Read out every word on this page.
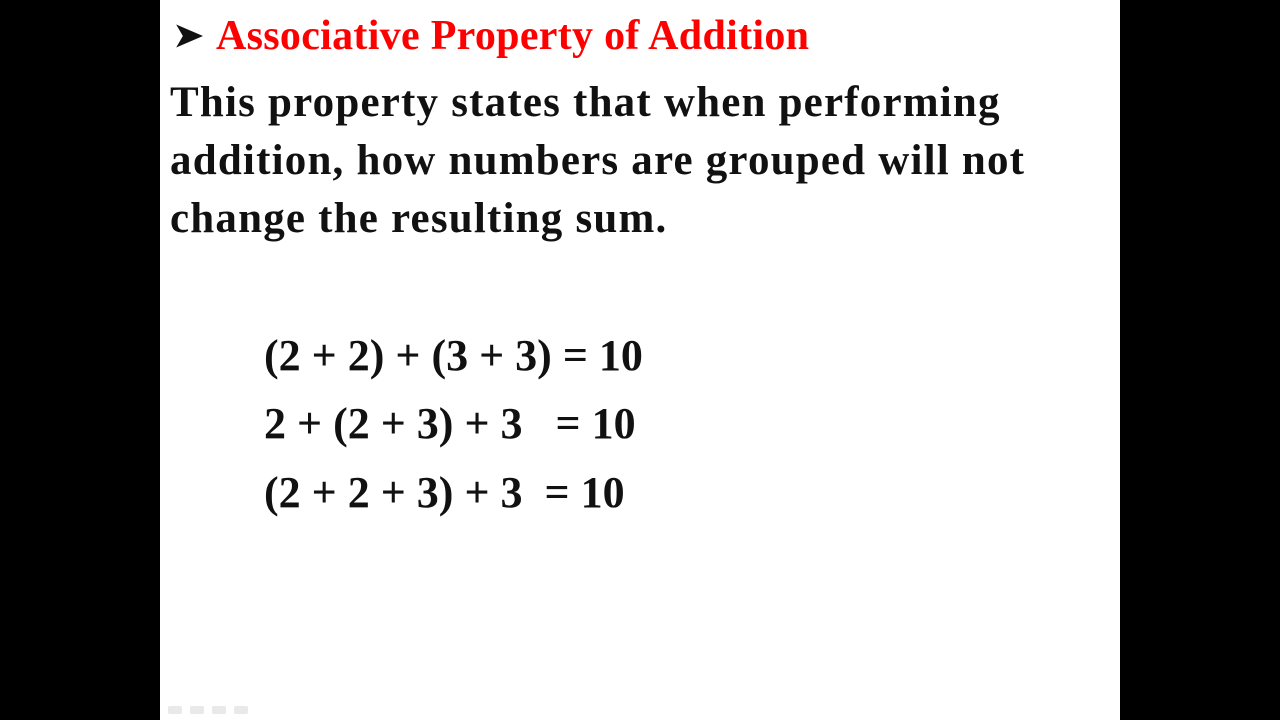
Associative Property of Addition

This property states that when performing addition, how numbers are grouped will not change the resulting sum.

(2 + 2) + (3 + 3) = 10

2 + (2 + 3) + 3   = 10

(2 + 2 + 3) + 3  = 10
